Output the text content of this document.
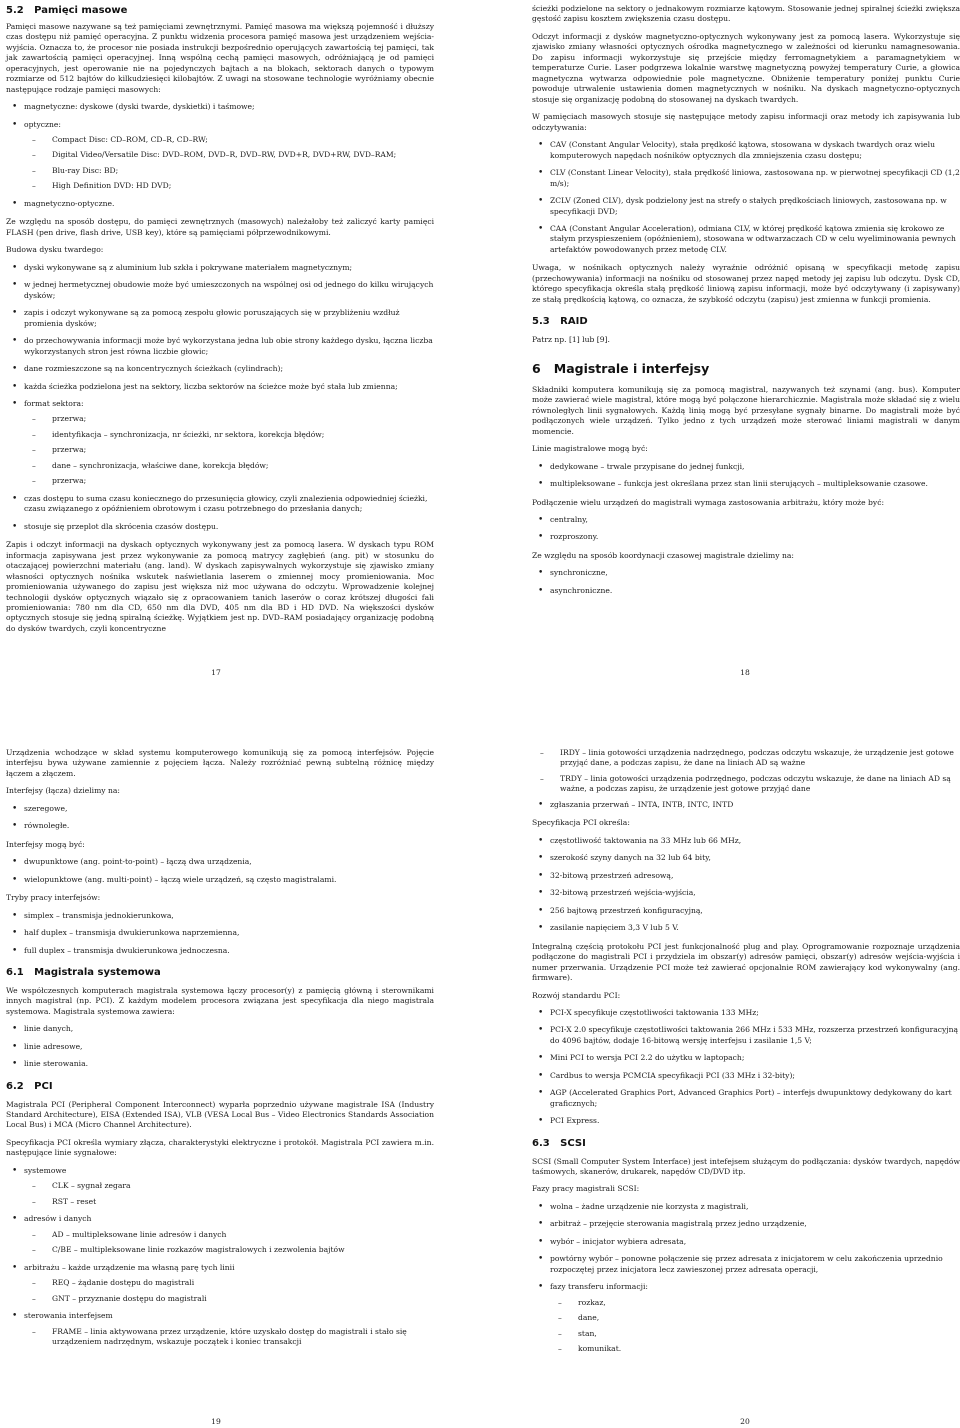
5.2   Pamięci masowe

Pamięci masowe nazywane są też pamięciami zewnętrznymi. Pamięć masowa ma większą pojemność i dłuższy czas dostępu niż pamięć operacyjna. Z punktu widzenia procesora pamięć masowa jest urządzeniem wejścia-wyjścia. Oznacza to, że procesor nie posiada instrukcji bezpośrednio operujących zawartością tej pamięci, tak jak zawartością pamięci operacyjnej. Inną wspólną cechą pamięci masowych, odróżniającą je od pamięci operacyjnych, jest operowanie nie na pojedynczych bajtach a na blokach, sektorach danych o typowym rozmiarze od 512 bajtów do kilkudziesięci kilobajtów. Z uwagi na stosowane technologie wyróżniamy obecnie następujące rodzaje pamięci masowych:

• magnetyczne: dyskowe (dyski twarde, dyskietki) i taśmowe;
• optyczne:
– Compact Disc: CD–ROM, CD–R, CD–RW;
– Digital Video/Versatile Disc: DVD–ROM, DVD–R, DVD–RW, DVD+R, DVD+RW, DVD–RAM;
– Blu-ray Disc: BD;
– High Definition DVD: HD DVD;
• magnetyczno-optyczne.

Ze względu na sposób dostępu, do pamięci zewnętrznych (masowych) należałoby też zaliczyć karty pamięci FLASH (pen drive, flash drive, USB key), które są pamięciami półprzewodnikowymi.

Budowa dysku twardego:

• dyski wykonywane są z aluminium lub szkła i pokrywane materiałem magnetycznym;
• w jednej hermetycznej obudowie może być umieszczonych na wspólnej osi od jednego do kilku wirujących dysków;
• zapis i odczyt wykonywane są za pomocą zespołu głowic poruszających się w przybliżeniu wzdłuż promienia dysków;
• do przechowywania informacji może być wykorzystana jedna lub obie strony każdego dysku, łączna liczba wykorzystanych stron jest równa liczbie głowic;
• dane rozmieszczone są na koncentrycznych ścieżkach (cylindrach);
• każda ścieżka podzielona jest na sektory, liczba sektorów na ścieżce może być stała lub zmienna;
• format sektora:
– przerwa;
– identyfikacja – synchronizacja, nr ścieżki, nr sektora, korekcja błędów;
– przerwa;
– dane – synchronizacja, właściwe dane, korekcja błędów;
– przerwa;
• czas dostępu to suma czasu koniecznego do przesunięcia głowicy, czyli znalezienia odpowiedniej ścieżki, czasu związanego z opóźnieniem obrotowym i czasu potrzebnego do przesłania danych;
• stosuje się przeplot dla skrócenia czasów dostępu.

Zapis i odczyt informacji na dyskach optycznych wykonywany jest za pomocą lasera. W dyskach typu ROM informacja zapisywana jest przez wykonywanie za pomocą matrycy zagłębień (ang. pit) w stosunku do otaczającej powierzchni materiału (ang. land). W dyskach zapisywalnych wykorzystuje się zjawisko zmiany własności optycznych nośnika wskutek naświetlania laserem o zmiennej mocy promieniowania. Moc promieniowania używanego do zapisu jest większa niż moc używana do odczytu. Wprowadzenie kolejnej technologii dysków optycznych wiązało się z opracowaniem tanich laserów o coraz krótszej długości fali promieniowania: 780 nm dla CD, 650 nm dla DVD, 405 nm dla BD i HD DVD. Na większości dysków optycznych stosuje się jedną spiralną ścieżkę. Wyjątkiem jest np. DVD–RAM posiadający organizację podobną do dysków twardych, czyli koncentryczne

ścieżki podzielone na sektory o jednakowym rozmiarze kątowym. Stosowanie jednej spiralnej ścieżki zwiększa gęstość zapisu kosztem zwiększenia czasu dostępu.

Odczyt informacji z dysków magnetyczno-optycznych wykonywany jest za pomocą lasera. Wykorzystuje się zjawisko zmiany własności optycznych ośrodka magnetycznego w zależności od kierunku namagnesowania. Do zapisu informacji wykorzystuje się przejście między ferromagnetykiem a paramagnetykiem w temperaturze Curie. Laser podgrzewa lokalnie warstwę magnetyczną powyżej temperatury Curie, a głowica magnetyczna wytwarza odpowiednie pole magnetyczne. Obniżenie temperatury poniżej punktu Curie powoduje utrwalenie ustawienia domen magnetycznych w nośniku. Na dyskach magnetyczno-optycznych stosuje się organizację podobną do stosowanej na dyskach twardych.

W pamięciach masowych stosuje się następujące metody zapisu informacji oraz metody ich zapisywania lub odczytywania:

• CAV (Constant Angular Velocity), stała prędkość kątowa, stosowana w dyskach twardych oraz wielu komputerowych napędach nośników optycznych dla zmniejszenia czasu dostępu;
• CLV (Constant Linear Velocity), stała prędkość liniowa, zastosowana np. w pierwotnej specyfikacji CD (1,2 m/s);
• ZCLV (Zoned CLV), dysk podzielony jest na strefy o stałych prędkościach liniowych, zastosowana np. w specyfikacji DVD;
• CAA (Constant Angular Acceleration), odmiana CLV, w której prędkość kątowa zmienia się krokowo ze stałym przyspieszeniem (opóźnieniem), stosowana w odtwarzaczach CD w celu wyeliminowania pewnych artefaktów powodowanych przez metodę CLV.

Uwaga, w nośnikach optycznych należy wyraźnie odróżnić opisaną w specyfikacji metodę zapisu (przechowywania) informacji na nośniku od stosowanej przez napęd metody jej zapisu lub odczytu. Dysk CD, którego specyfikacja określa stałą prędkość liniową zapisu informacji, może być odczytywany (i zapisywany) ze stałą prędkością kątową, co oznacza, że szybkość odczytu (zapisu) jest zmienna w funkcji promienia.

5.3   RAID

Patrz np. [1] lub [9].

6   Magistrale i interfejsy

Składniki komputera komunikują się za pomocą magistral, nazywanych też szynami (ang. bus). Komputer może zawierać wiele magistral, które mogą być połączone hierarchicznie. Magistrala może składać się z wielu równoległych linii sygnałowych. Każdą linią mogą być przesyłane sygnały binarne. Do magistrali może być podłączonych wiele urządzeń. Tylko jedno z tych urządzeń może sterować liniami magistrali w danym momencie.

Linie magistralowe mogą być:

• dedykowane – trwale przypisane do jednej funkcji,
• multipleksowane – funkcja jest określana przez stan linii sterujących – multipleksowanie czasowe.

Podłączenie wielu urządzeń do magistrali wymaga zastosowania arbitrażu, który może być:

• centralny,
• rozproszony.

Ze względu na sposób koordynacji czasowej magistrale dzielimy na:

• synchroniczne,
• asynchroniczne.
17	18

Urządzenia wchodzące w skład systemu komputerowego komunikują się za pomocą interfejsów. Pojęcie interfejsu bywa używane zamiennie z pojęciem łącza. Należy rozróżniać pewną subtelną różnicę między łączem a złączem.

Interfejsy (łącza) dzielimy na:

• szeregowe,
• równoległe.

Interfejsy mogą być:

• dwupunktowe (ang. point-to-point) – łączą dwa urządzenia,
• wielopunktowe (ang. multi-point) – łączą wiele urządzeń, są często magistralami.

Tryby pracy interfejsów:

• simplex – transmisja jednokierunkowa,
• half duplex – transmisja dwukierunkowa naprzemienna,
• full duplex – transmisja dwukierunkowa jednoczesna.
6.1   Magistrala systemowa

We współczesnych komputerach magistrala systemowa łączy procesor(y) z pamięcią główną i sterownikami innych magistral (np. PCI). Z każdym modelem procesora związana jest specyfikacja dla niego magistrala systemowa. Magistrala systemowa zawiera:

• linie danych,
• linie adresowe,
• linie sterowania.
6.2   PCI

Magistrala PCI (Peripheral Component Interconnect) wyparła poprzednio używane magistrale ISA (Industry Standard Architecture), EISA (Extended ISA), VLB (VESA Local Bus – Video Electronics Standards Association Local Bus) i MCA (Micro Channel Architecture).

Specyfikacja PCI określa wymiary złącza, charakterystyki elektryczne i protokół. Magistrala PCI zawiera m.in. następujące linie sygnałowe:

• systemowe
– CLK – sygnał zegara
– RST – reset
• adresów i danych
– AD – multipleksowane linie adresów i danych
– C/BE – multipleksowane linie rozkazów magistralowych i zezwolenia bajtów
• arbitrażu – każde urządzenie ma własną parę tych linii
– REQ – żądanie dostępu do magistrali
– GNT – przyznanie dostępu do magistrali
• sterowania interfejsem
– FRAME – linia aktywowana przez urządzenie, które uzyskało dostęp do magistrali i stało się urządzeniem nadrzędnym, wskazuje początek i koniec transakcji
– IRDY – linia gotowości urządzenia nadrzędnego, podczas odczytu wskazuje, że urządzenie jest gotowe przyjąć dane, a podczas zapisu, że dane na liniach AD są ważne
– TRDY – linia gotowości urządzenia podrzędnego, podczas odczytu wskazuje, że dane na liniach AD są ważne, a podczas zapisu, że urządzenie jest gotowe przyjąć dane
• zgłaszania przerwań – INTA, INTB, INTC, INTD

Specyfikacja PCI określa:

• częstotliwość taktowania na 33 MHz lub 66 MHz,
• szerokość szyny danych na 32 lub 64 bity,
• 32-bitową przestrzeń adresową,
• 32-bitową przestrzeń wejścia-wyjścia,
• 256 bajtową przestrzeń konfiguracyjną,
• zasilanie napięciem 3,3 V lub 5 V.

Integralną częścią protokołu PCI jest funkcjonalność plug and play. Oprogramowanie rozpoznaje urządzenia podłączone do magistrali PCI i przydziela im obszar(y) adresów pamięci, obszar(y) adresów wejścia-wyjścia i numer przerwania. Urządzenie PCI może też zawierać opcjonalnie ROM zawierający kod wykonywalny (ang. firmware).

Rozwój standardu PCI:

• PCI-X specyfikuje częstotliwości taktowania 133 MHz;
• PCI-X 2.0 specyfikuje częstotliwości taktowania 266 MHz i 533 MHz, rozszerza przestrzeń konfiguracyjną do 4096 bajtów, dodaje 16-bitową wersję interfejsu i zasilanie 1,5 V;
• Mini PCI to wersja PCI 2.2 do użytku w laptopach;
• Cardbus to wersja PCMCIA specyfikacji PCI (33 MHz i 32-bity);
• AGP (Accelerated Graphics Port, Advanced Graphics Port) – interfejs dwupunktowy dedykowany do kart graficznych;
• PCI Express.
6.3   SCSI

SCSI (Small Computer System Interface) jest intefejsem służącym do podłączania: dysków twardych, napędów taśmowych, skanerów, drukarek, napędów CD/DVD itp.

Fazy pracy magistrali SCSI:

• wolna – żadne urządzenie nie korzysta z magistrali,
• arbitraż – przejęcie sterowania magistralą przez jedno urządzenie,
• wybór – inicjator wybiera adresata,
• powtórny wybór – ponowne połączenie się przez adresata z inicjatorem w celu zakończenia uprzednio rozpoczętej przez inicjatora lecz zawieszonej przez adresata operacji,
• fazy transferu informacji:
– rozkaz,
– dane,
– stan,
– komunikat.
19	20
